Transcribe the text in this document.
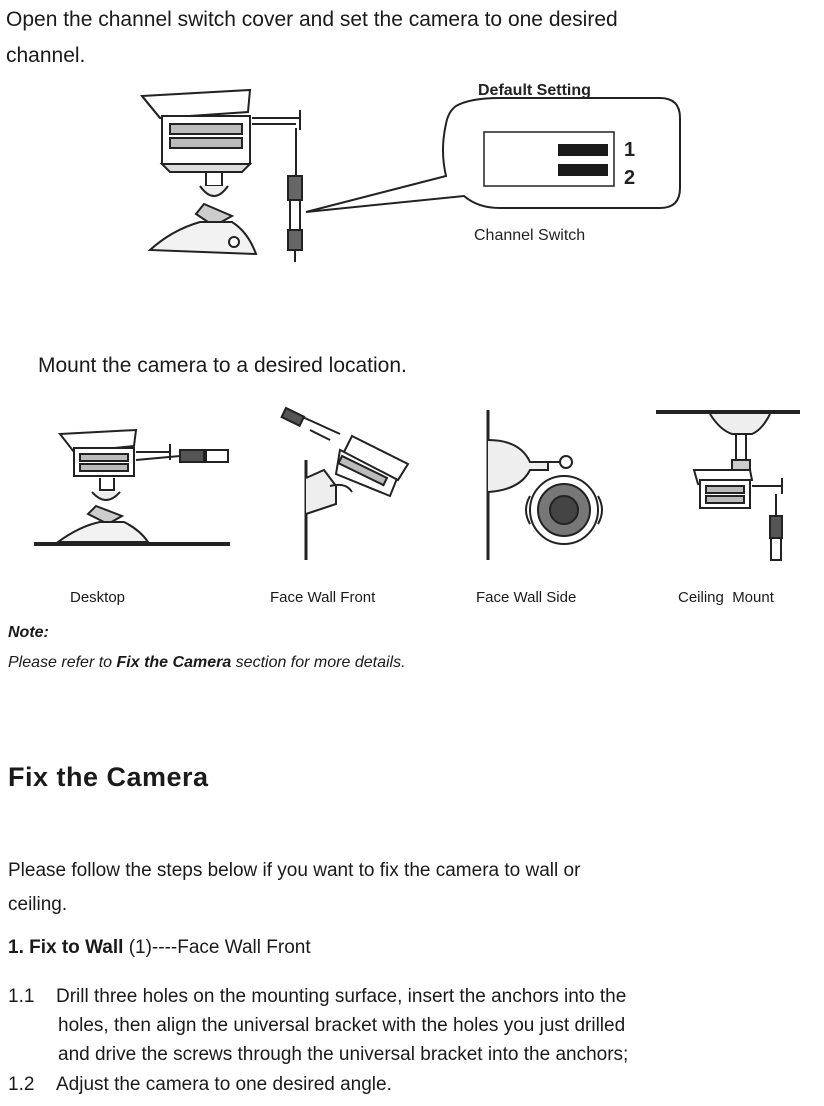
Open the channel switch cover and set the camera to one desired
channel.
Default Setting
1
2
Channel Switch
Mount the camera to a desired location.
Desktop	Face Wall Front	Face Wall Side	Ceiling  Mount
Note:
Please refer to Fix the Camera section for more details.
Fix the Camera
Please follow the steps below if you want to fix the camera to wall or
ceiling.
1. Fix to Wall (1)----Face Wall Front
1.1 Drill three holes on the mounting surface, insert the anchors into the
holes, then align the universal bracket with the holes you just drilled
and drive the screws through the universal bracket into the anchors;
1.2 Adjust the camera to one desired angle.
